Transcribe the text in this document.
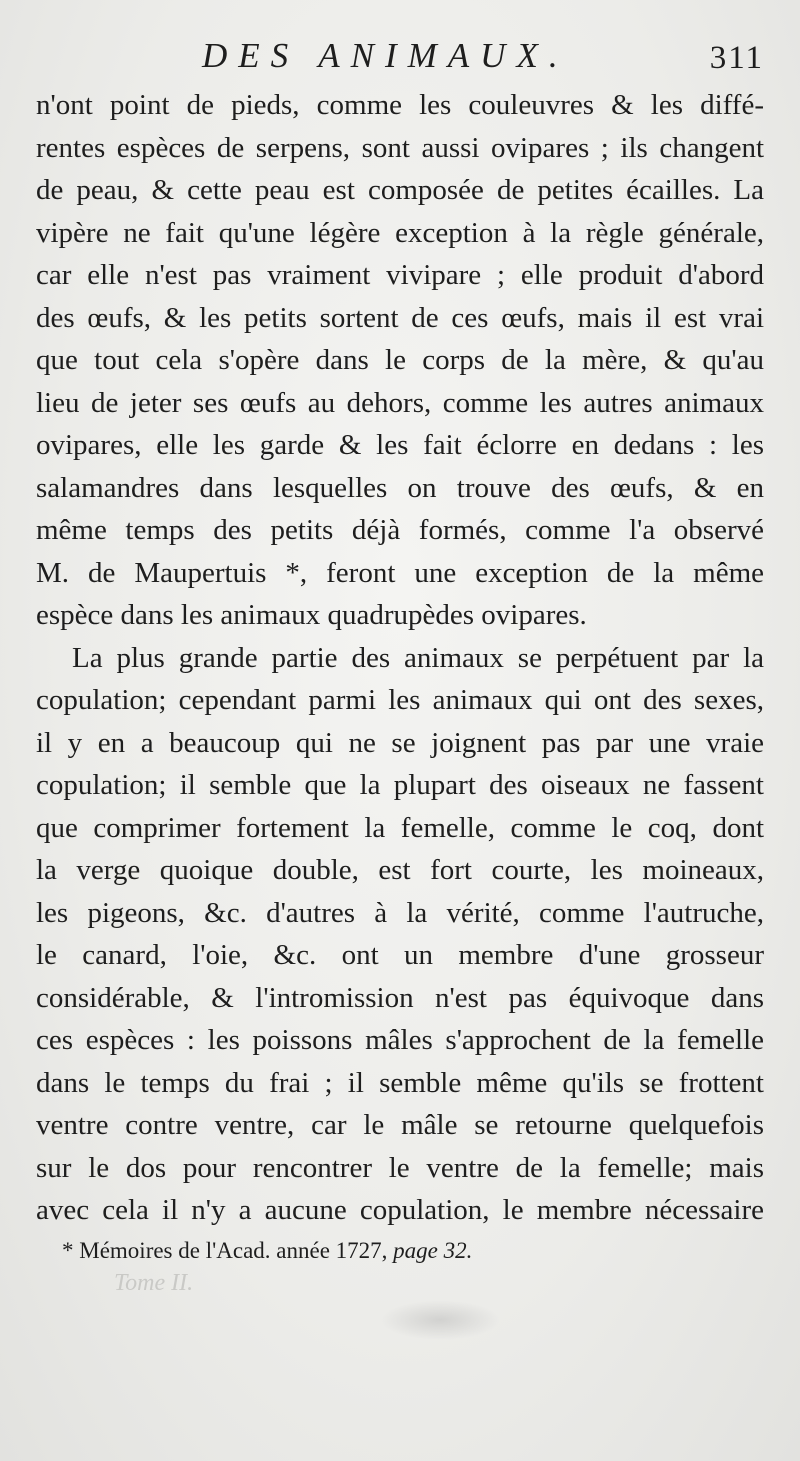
DES ANIMAUX.	311

n'ont point de pieds, comme les couleuvres & les diffé-
rentes espèces de serpens, sont aussi ovipares ; ils changent
de peau, & cette peau est composée de petites écailles. La
vipère ne fait qu'une légère exception à la règle générale,
car elle n'est pas vraiment vivipare ; elle produit d'abord
des œufs, & les petits sortent de ces œufs, mais il est vrai
que tout cela s'opère dans le corps de la mère, & qu'au
lieu de jeter ses œufs au dehors, comme les autres animaux
ovipares, elle les garde & les fait éclorre en dedans : les
salamandres dans lesquelles on trouve des œufs, & en
même temps des petits déjà formés, comme l'a observé
M. de Maupertuis *, feront une exception de la même
espèce dans les animaux quadrupèdes ovipares.

La plus grande partie des animaux se perpétuent par la
copulation; cependant parmi les animaux qui ont des sexes,
il y en a beaucoup qui ne se joignent pas par une vraie
copulation; il semble que la plupart des oiseaux ne fassent
que comprimer fortement la femelle, comme le coq, dont
la verge quoique double, est fort courte, les moineaux,
les pigeons, &c. d'autres à la vérité, comme l'autruche,
le canard, l'oie, &c. ont un membre d'une grosseur
considérable, & l'intromission n'est pas équivoque dans
ces espèces : les poissons mâles s'approchent de la femelle
dans le temps du frai ; il semble même qu'ils se frottent
ventre contre ventre, car le mâle se retourne quelquefois
sur le dos pour rencontrer le ventre de la femelle; mais
avec cela il n'y a aucune copulation, le membre nécessaire

* Mémoires de l'Acad. année 1727, page 32.
Tome II.
